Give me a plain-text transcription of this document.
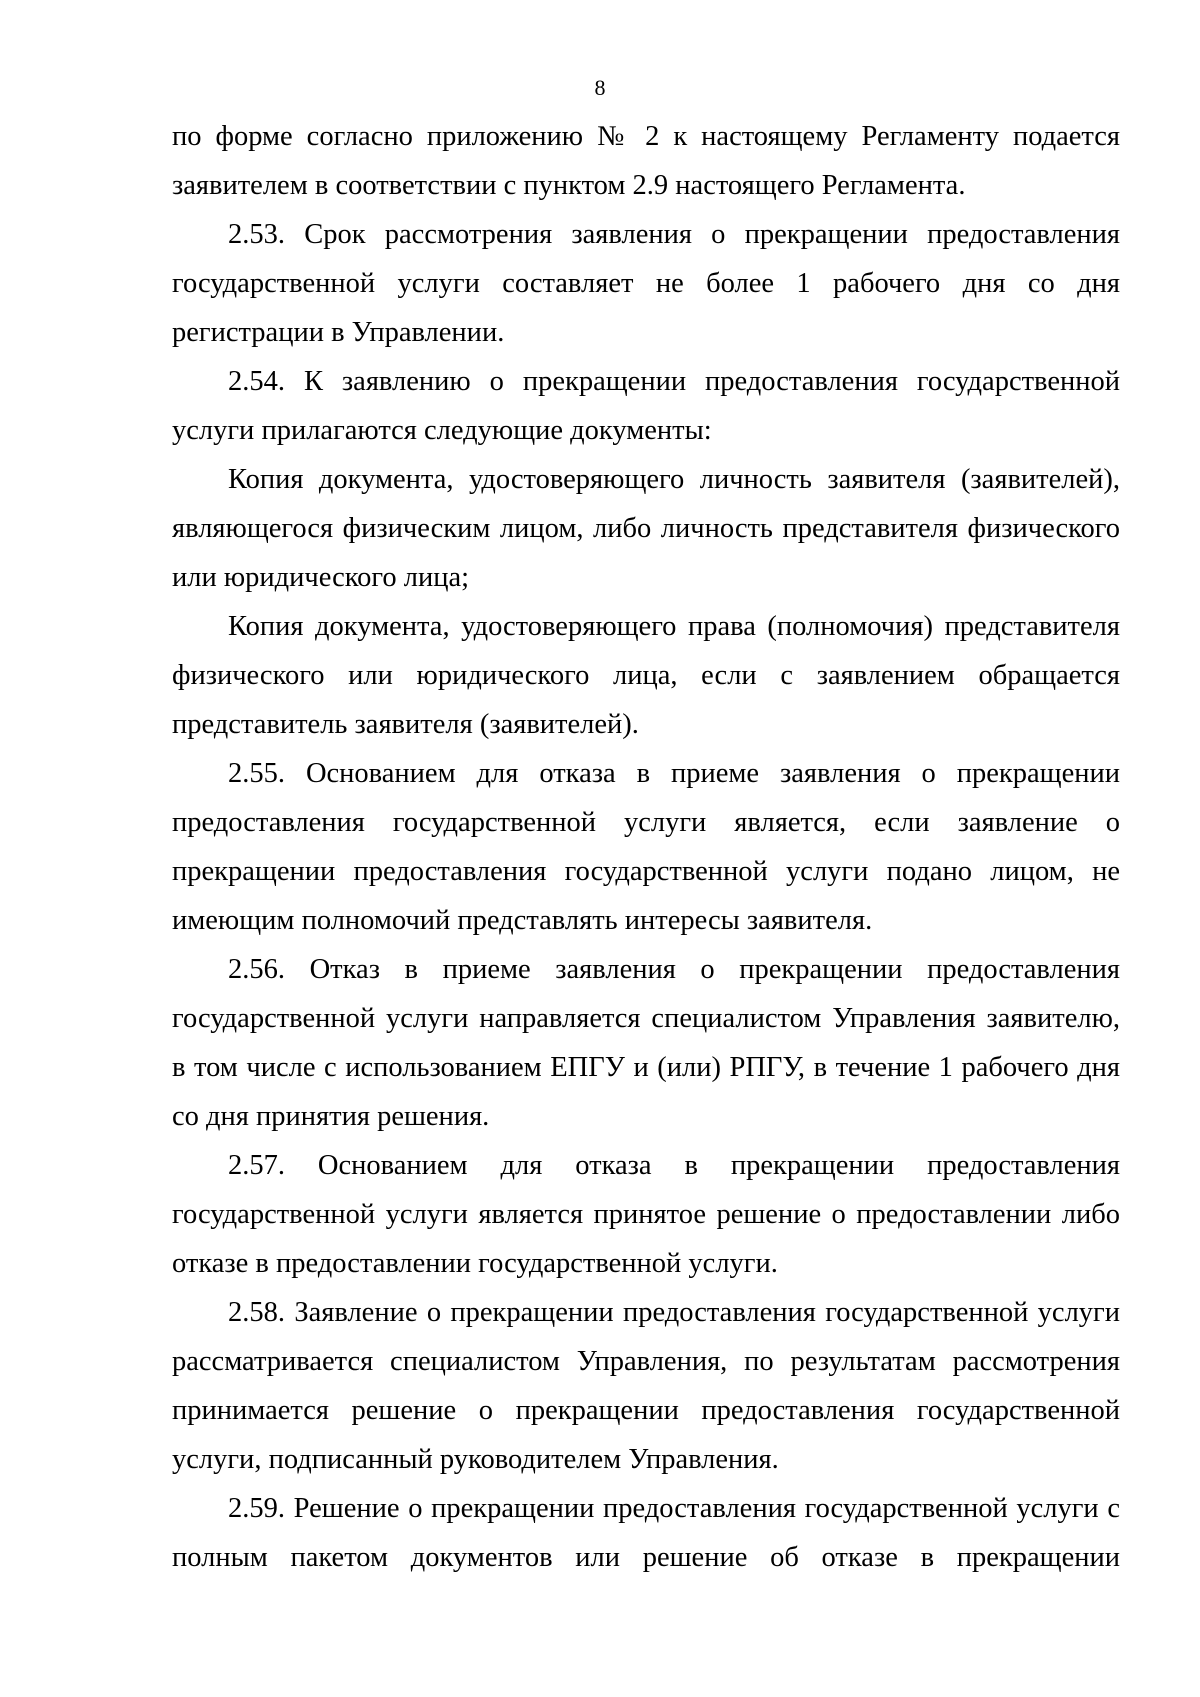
8

по форме согласно приложению № 2 к настоящему Регламенту подается заявителем в соответствии с пунктом 2.9 настоящего Регламента.

2.53. Срок рассмотрения заявления о прекращении предоставления государственной услуги составляет не более 1 рабочего дня со дня регистрации в Управлении.

2.54. К заявлению о прекращении предоставления государственной услуги прилагаются следующие документы:

Копия документа, удостоверяющего личность заявителя (заявителей), являющегося физическим лицом, либо личность представителя физического или юридического лица;

Копия документа, удостоверяющего права (полномочия) представителя физического или юридического лица, если с заявлением обращается представитель заявителя (заявителей).

2.55. Основанием для отказа в приеме заявления о прекращении предоставления государственной услуги является, если заявление о прекращении предоставления государственной услуги подано лицом, не имеющим полномочий представлять интересы заявителя.

2.56. Отказ в приеме заявления о прекращении предоставления государственной услуги направляется специалистом Управления заявителю, в том числе с использованием ЕПГУ и (или) РПГУ, в течение 1 рабочего дня со дня принятия решения.

2.57. Основанием для отказа в прекращении предоставления государственной услуги является принятое решение о предоставлении либо отказе в предоставлении государственной услуги.

2.58. Заявление о прекращении предоставления государственной услуги рассматривается специалистом Управления, по результатам рассмотрения принимается решение о прекращении предоставления государственной услуги, подписанный руководителем Управления.

2.59. Решение о прекращении предоставления государственной услуги с полным пакетом документов или решение об отказе в прекращении
